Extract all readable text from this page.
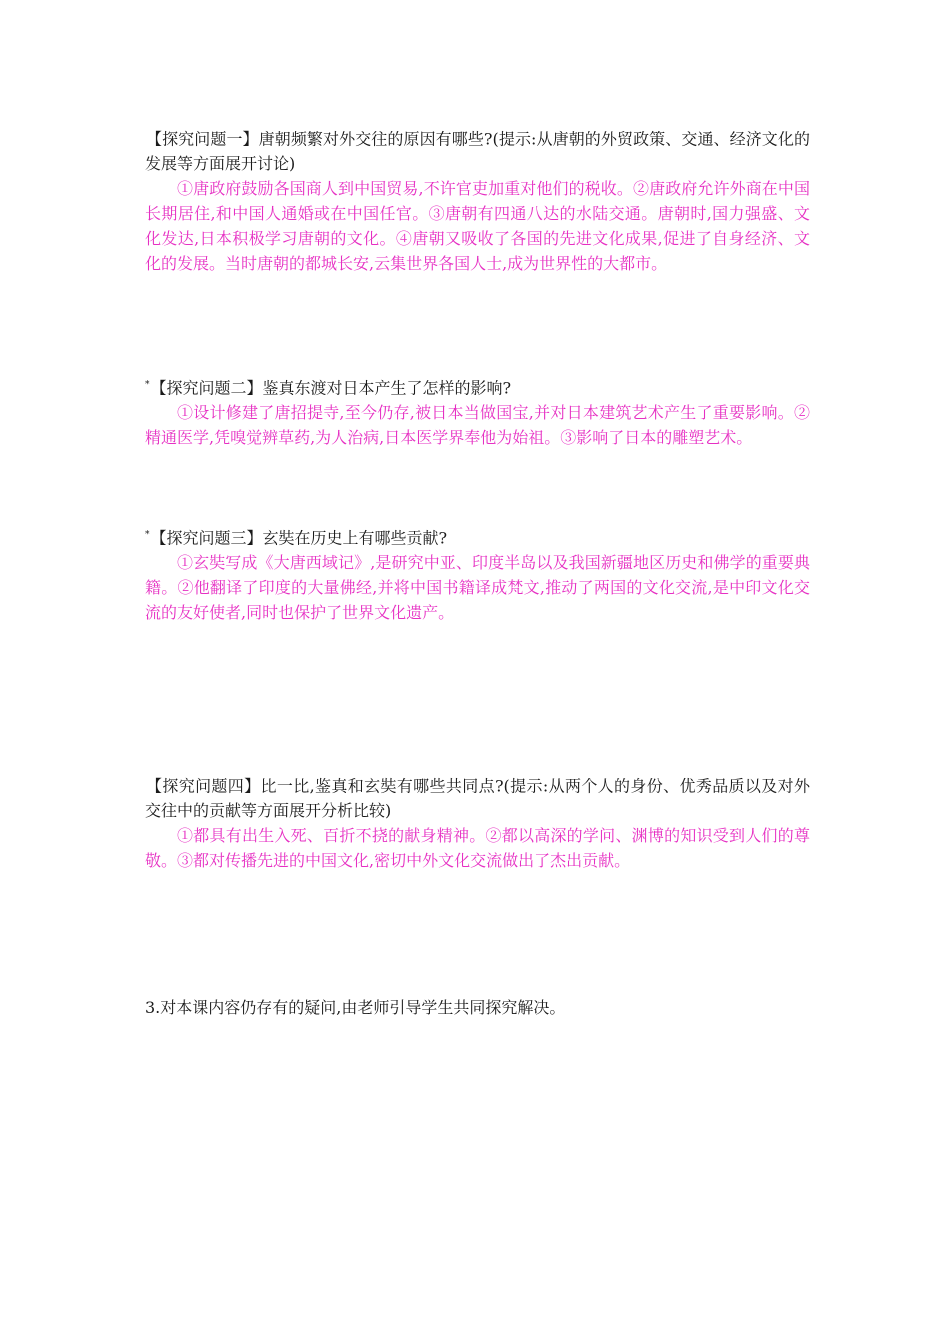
【探究问题一】唐朝频繁对外交往的原因有哪些?(提示:从唐朝的外贸政策、交通、经济文化的发展等方面展开讨论)

①唐政府鼓励各国商人到中国贸易,不许官吏加重对他们的税收。②唐政府允许外商在中国长期居住,和中国人通婚或在中国任官。③唐朝有四通八达的水陆交通。唐朝时,国力强盛、文化发达,日本积极学习唐朝的文化。④唐朝又吸收了各国的先进文化成果,促进了自身经济、文化的发展。当时唐朝的都城长安,云集世界各国人士,成为世界性的大都市。

*【探究问题二】鉴真东渡对日本产生了怎样的影响?

①设计修建了唐招提寺,至今仍存,被日本当做国宝,并对日本建筑艺术产生了重要影响。②精通医学,凭嗅觉辨草药,为人治病,日本医学界奉他为始祖。③影响了日本的雕塑艺术。

*【探究问题三】玄奘在历史上有哪些贡献?

①玄奘写成《大唐西域记》,是研究中亚、印度半岛以及我国新疆地区历史和佛学的重要典籍。②他翻译了印度的大量佛经,并将中国书籍译成梵文,推动了两国的文化交流,是中印文化交流的友好使者,同时也保护了世界文化遗产。

【探究问题四】比一比,鉴真和玄奘有哪些共同点?(提示:从两个人的身份、优秀品质以及对外交往中的贡献等方面展开分析比较)

①都具有出生入死、百折不挠的献身精神。②都以高深的学问、渊博的知识受到人们的尊敬。③都对传播先进的中国文化,密切中外文化交流做出了杰出贡献。

3.对本课内容仍存有的疑问,由老师引导学生共同探究解决。
